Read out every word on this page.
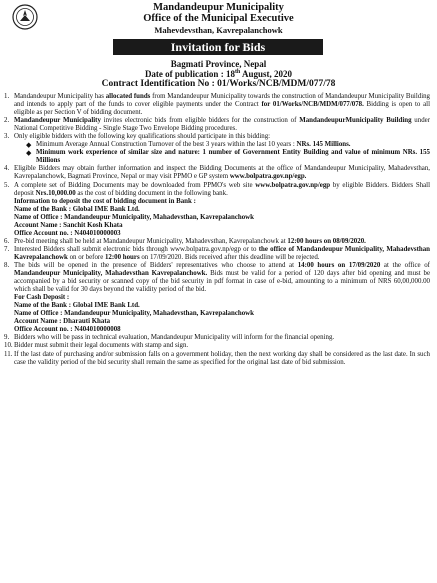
Mandandeupur Municipality
Office of the Municipal Executive
Mahevdevsthan, Kavrepalanchowk
Invitation for Bids
Bagmati Province, Nepal
Date of publication : 18th August, 2020
Contract Identification No : 01/Works/NCB/MDM/077/78
1. Mandandeupur Municipality has allocated funds from Mandandeupur Municipality towards the construction of Mandandeupur Municipality Building and intends to apply part of the funds to cover eligible payments under the Contract for 01/Works/NCB/MDM/077/078. Bidding is open to all eligible as per Section V of bidding document.
2. Mandandeupur Municipality invites electronic bids from eligible bidders for the construction of MandandeupurMunicipality Building under National Competitive Bidding - Single Stage Two Envelope Bidding procedures.
3. Only eligible bidders with the following key qualifications should participate in this bidding:
◆ Minimum Average Annual Construction Turnover of the best 3 years within the last 10 years : NRs. 145 Millions.
◆ Minimum work experience of similar size and nature: 1 number of Government Entity Building and value of minimum NRs. 155 Millions
4. Eligible Bidders may obtain further information and inspect the Bidding Documents at the office of Mandandeupur Municipality, Mahadevsthan, Kavrepalanchowk, Bagmati Province, Nepal or may visit PPMO e GP system www.bolpatra.gov.np/egp.
5. A complete set of Bidding Documents may be downloaded from PPMO's web site www.bolpatra.gov.np/egp by eligible Bidders. Bidders Shall deposit Nrs.10,000.00 as the cost of bidding document in the following bank.
Information to deposit the cost of bidding document in Bank :
Name of the Bank : Global IME Bank Ltd.
Name of Office : Mandandeupur Municipality, Mahadevsthan, Kavrepalanchowk
Account Name : Sanchit Kosh Khata
Office Account no. : N404010000003
6. Pre-bid meeting shall be held at Mandandeupur Municipality, Mahadevsthan, Kavrepalanchowk at 12:00 hours on 08/09/2020.
7. Interested Bidders shall submit electronic bids through www.bolpatra.gov.np/egp or to the office of Mandandeupur Municipality, Mahadevsthan Kavrepalanchowk on or before 12:00 hours on 17/09/2020. Bids received after this deadline will be rejected.
8. The bids will be opened in the presence of Bidders' representatives who choose to attend at 14:00 hours on 17/09/2020 at the office of Mandandeupur Municipality, Mahadevsthan Kavrepalanchowk. Bids must be valid for a period of 120 days after bid opening and must be accompanied by a bid security or scanned copy of the bid security in pdf format in case of e-bid, amounting to a minimum of NRS 60,00,000.00 which shall be valid for 30 days beyond the validity period of the bid.
For Cash Deposit :
Name of the Bank : Global IME Bank Ltd.
Name of Office : Mandandeupur Municipality, Mahadevsthan, Kavrepalanchowk
Account Name : Dharauti Khata
Office Account no. : N404010000008
9. Bidders who will be pass in technical evaluation, Mandandeupur Municipality will inform for the financial opening.
10. Bidder must submit their legal documents with stamp and sign.
11. If the last date of purchasing and/or submission falls on a government holiday, then the next working day shall be considered as the last date. In such case the validity period of the bid security shall remain the same as specified for the original last date of bid submission.
